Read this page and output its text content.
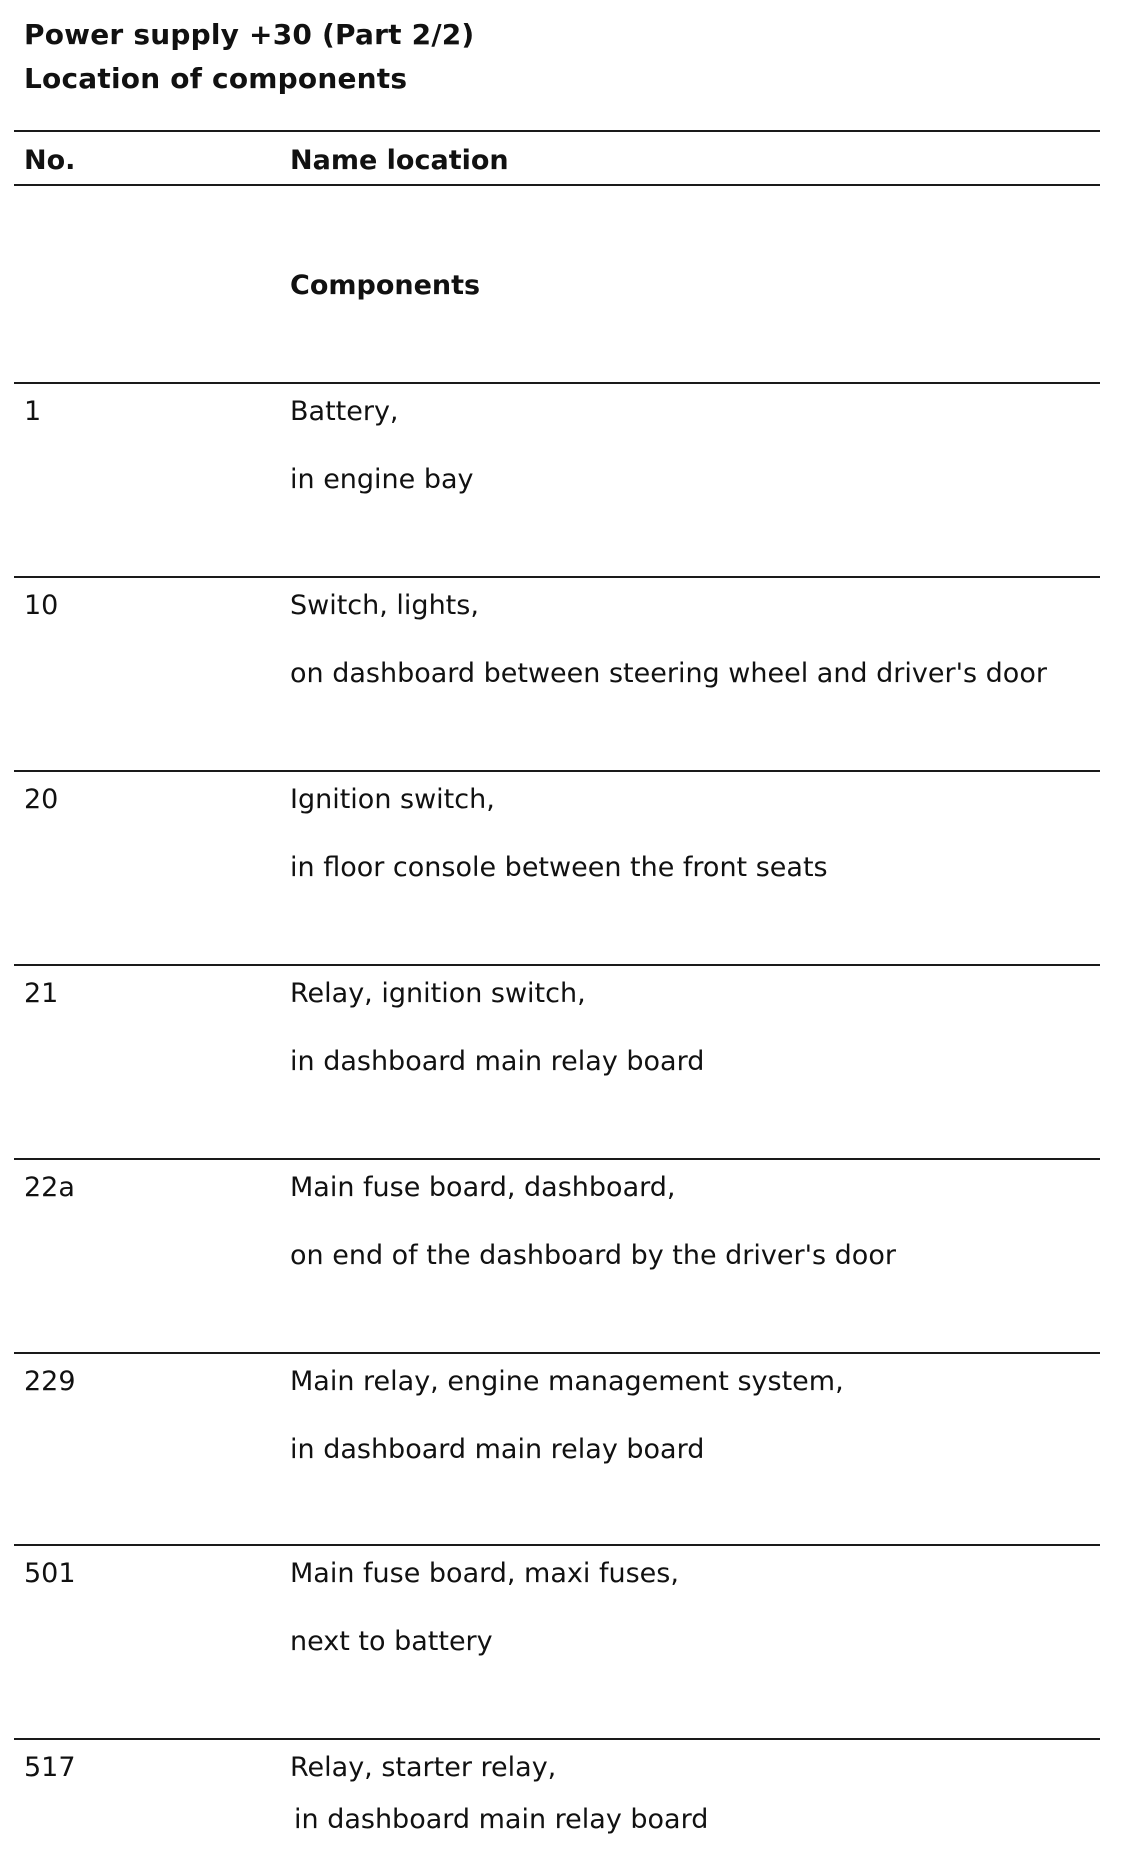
Power supply +30 (Part 2/2)
Location of components
No.	Name location
Components
1	Battery,
in engine bay
10	Switch, lights,
on dashboard between steering wheel and driver's door
20	Ignition switch,
in floor console between the front seats
21	Relay, ignition switch,
in dashboard main relay board
22a	Main fuse board, dashboard,
on end of the dashboard by the driver's door
229	Main relay, engine management system,
in dashboard main relay board
501	Main fuse board, maxi fuses,
next to battery
517	Relay, starter relay,
in dashboard main relay board
